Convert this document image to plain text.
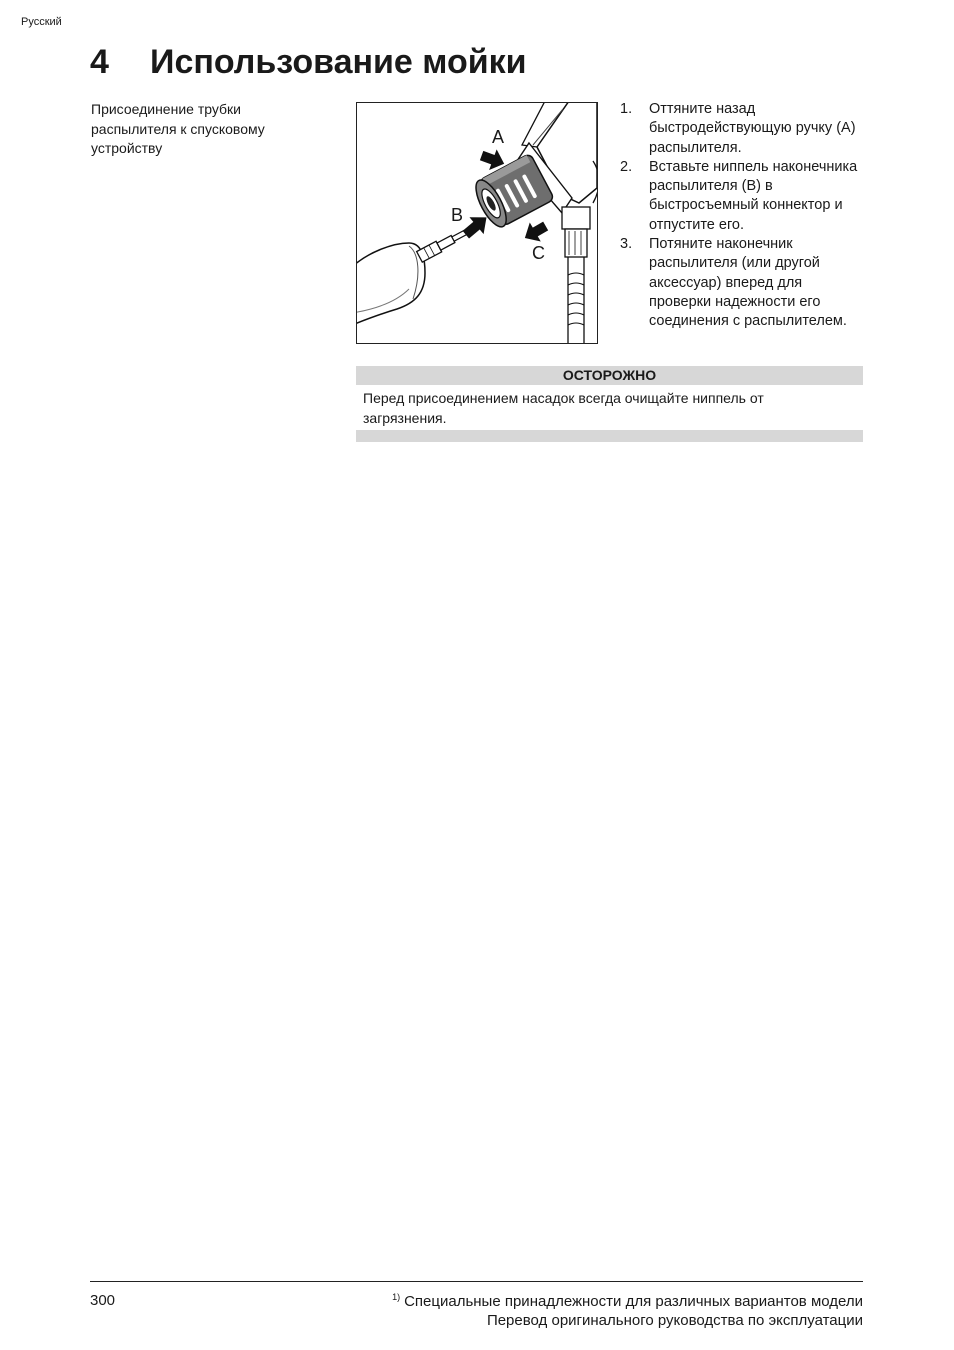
Русский
4 Использование мойки
Присоединение трубки распылителя к спусковому устройству
A
B
C
1.	Оттяните назад быстродействующую ручку (A) распылителя.
2.	Вставьте ниппель наконечника распылителя (B) в быстросъемный коннектор и отпустите его.
3.	Потяните наконечник распылителя (или другой аксессуар) вперед для проверки надежности его соединения с распылителем.
ОСТОРОЖНО
Перед присоединением насадок всегда очищайте ниппель от загрязнения.
300	$^{1)}$ Специальные принадлежности для различных вариантов модели
Перевод оригинального руководства по эксплуатации
